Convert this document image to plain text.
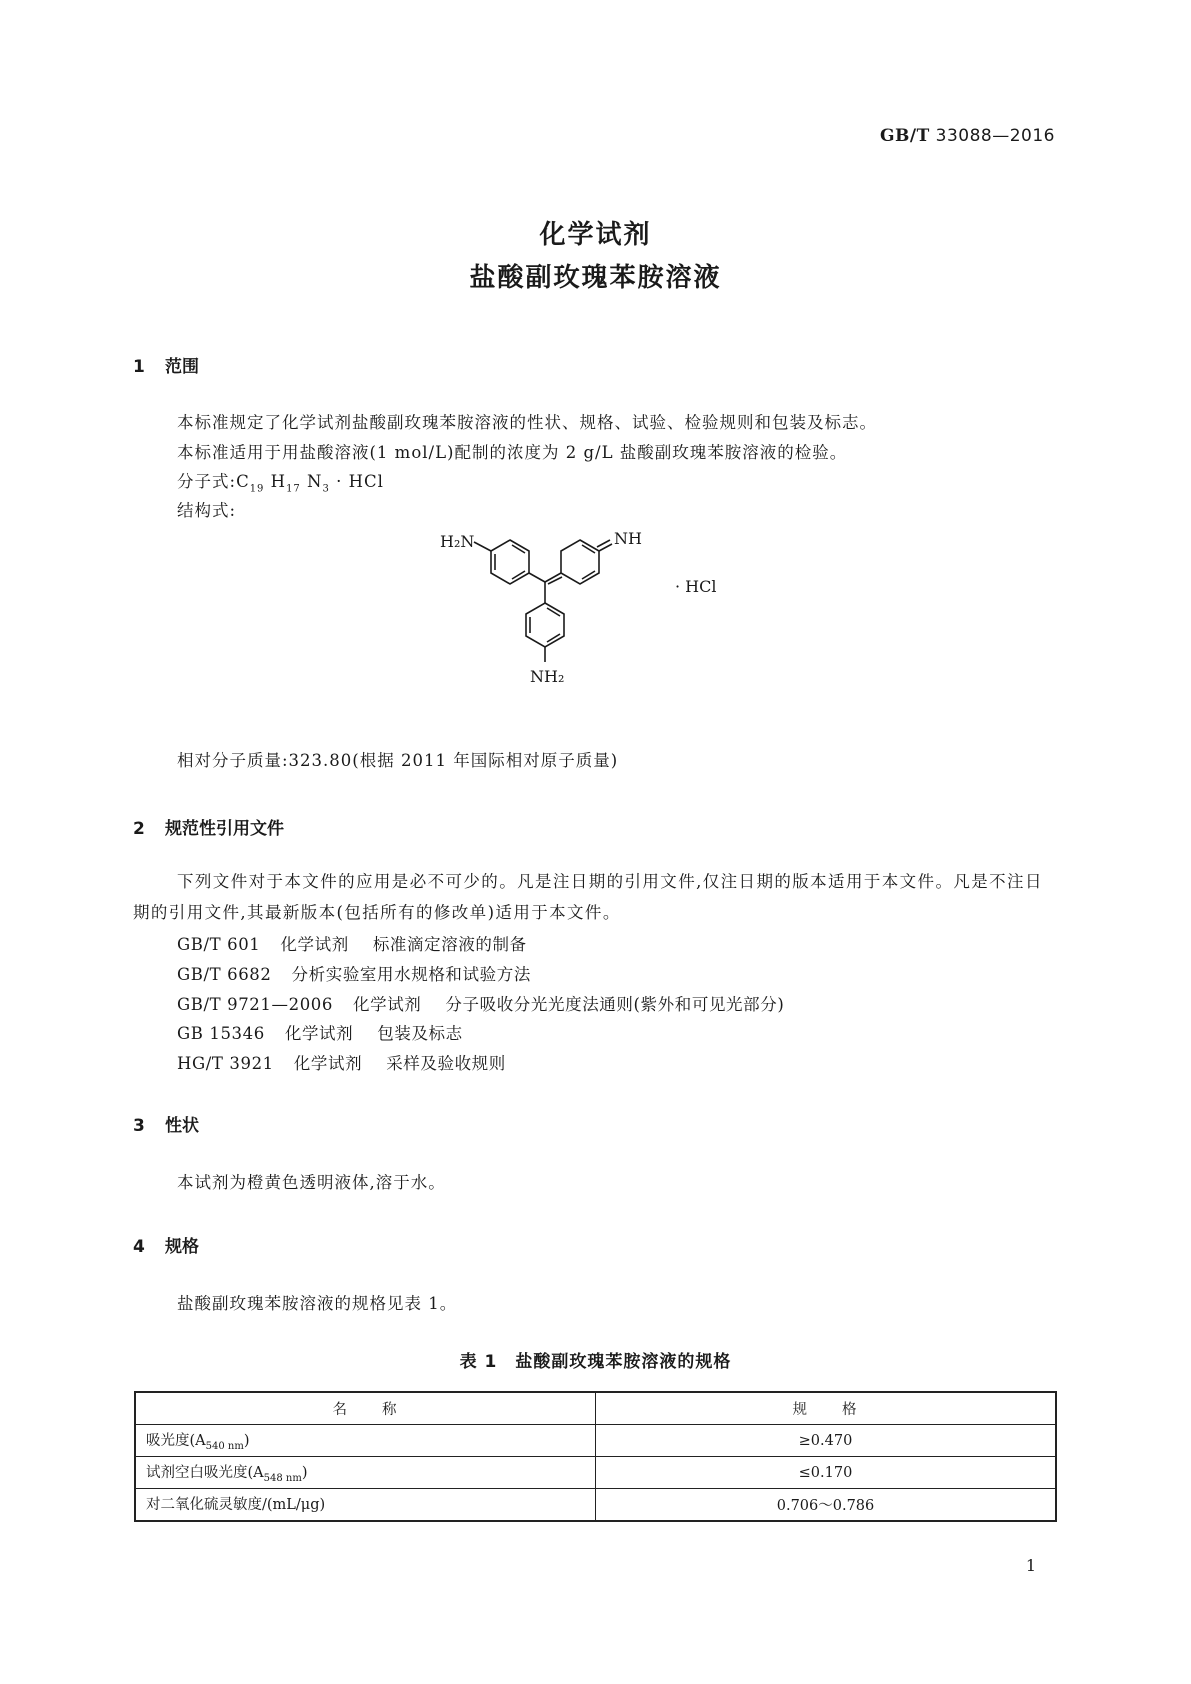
GB/T 33088—2016
化学试剂
盐酸副玫瑰苯胺溶液
1 范围
本标准规定了化学试剂盐酸副玫瑰苯胺溶液的性状、规格、试验、检验规则和包装及标志。
本标准适用于用盐酸溶液(1 mol/L)配制的浓度为 2 g/L 盐酸副玫瑰苯胺溶液的检验。
分子式$:C_{19}$ $H_{17}$ $N_3$ · HCl
结构式:
H₂N	NH
NH₂
· HCl
相对分子质量:323.80(根据 2011 年国际相对原子质量)
2 规范性引用文件
下列文件对于本文件的应用是必不可少的。凡是注日期的引用文件,仅注日期的版本适用于本文件。凡是不注日期的引用文件,其最新版本(包括所有的修改单)适用于本文件。
GB/T 601 化学试剂 标准滴定溶液的制备
GB/T 6682 分析实验室用水规格和试验方法
GB/T 9721—2006 化学试剂 分子吸收分光光度法通则(紫外和可见光部分)
GB 15346 化学试剂 包装及标志
HG/T 3921 化学试剂 采样及验收规则
3 性状
本试剂为橙黄色透明液体,溶于水。
4 规格
盐酸副玫瑰苯胺溶液的规格见表 1。
表 1　盐酸副玫瑰苯胺溶液的规格
名　　称	规　　格
吸光度$(A_{540 nm})$	≥0.470
试剂空白吸光度$(A_{548 nm})$	≤0.170
对二氧化硫灵敏度/(mL/μg)	0.706～0.786
1
